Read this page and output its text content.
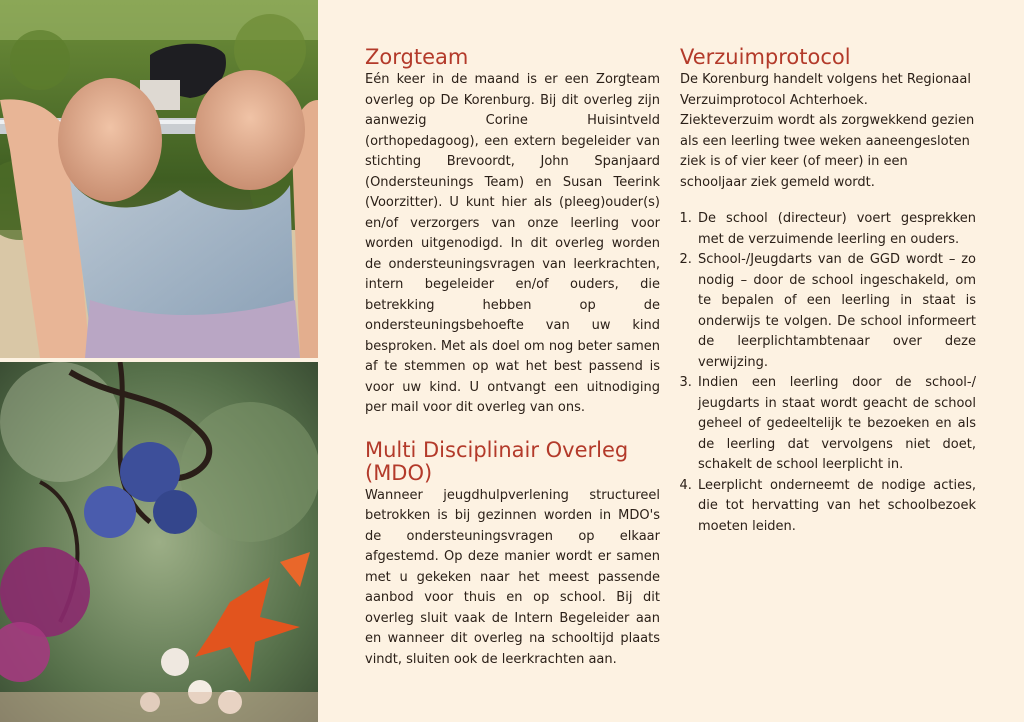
Zorgteam

Eén keer in de maand is er een Zorgteam overleg op De Korenburg. Bij dit overleg zijn aanwezig Corine Huisintveld (orthopedagoog), een extern begeleider van stichting Brevoordt, John Spanjaard (Ondersteunings Team) en Susan Teerink (Voorzitter). U kunt hier als (pleeg)ouder(s) en/of verzorgers van onze leerling voor worden uitgenodigd. In dit overleg worden de ondersteuningsvragen van leerkrachten, intern begeleider en/of ouders, die betrekking hebben op de ondersteuningsbehoefte van uw kind besproken. Met als doel om nog beter samen af te stemmen op wat het best passend is voor uw kind. U ontvangt een uitnodiging per mail voor dit overleg van ons.

Multi Disciplinair Overleg (MDO)

Wanneer jeugdhulpverlening structureel betrokken is bij gezinnen worden in MDO's de ondersteuningsvragen op elkaar afgestemd. Op deze manier wordt er samen met u gekeken naar het meest passende aanbod voor thuis en op school. Bij dit overleg sluit vaak de Intern Begeleider aan en wanneer dit overleg na schooltijd plaats vindt, sluiten ook de leerkrachten aan.

Verzuimprotocol

De Korenburg handelt volgens het Regionaal Verzuimprotocol Achterhoek.

Ziekteverzuim wordt als zorgwekkend gezien als een leerling twee weken aaneengesloten ziek is of vier keer (of meer) in een schooljaar ziek gemeld wordt.

1. De school (directeur) voert gesprekken met de verzuimende leerling en ouders.
2. School-/Jeugdarts van de GGD wordt – zo nodig – door de school ingeschakeld, om te bepalen of een leerling in staat is onderwijs te volgen. De school informeert de leerplichtambtenaar over deze verwijzing.
3. Indien een leerling door de school-/ jeugdarts in staat wordt geacht de school geheel of gedeeltelijk te bezoeken en als de leerling dat vervolgens niet doet, schakelt de school leerplicht in.
4. Leerplicht onderneemt de nodige acties, die tot hervatting van het schoolbezoek moeten leiden.
